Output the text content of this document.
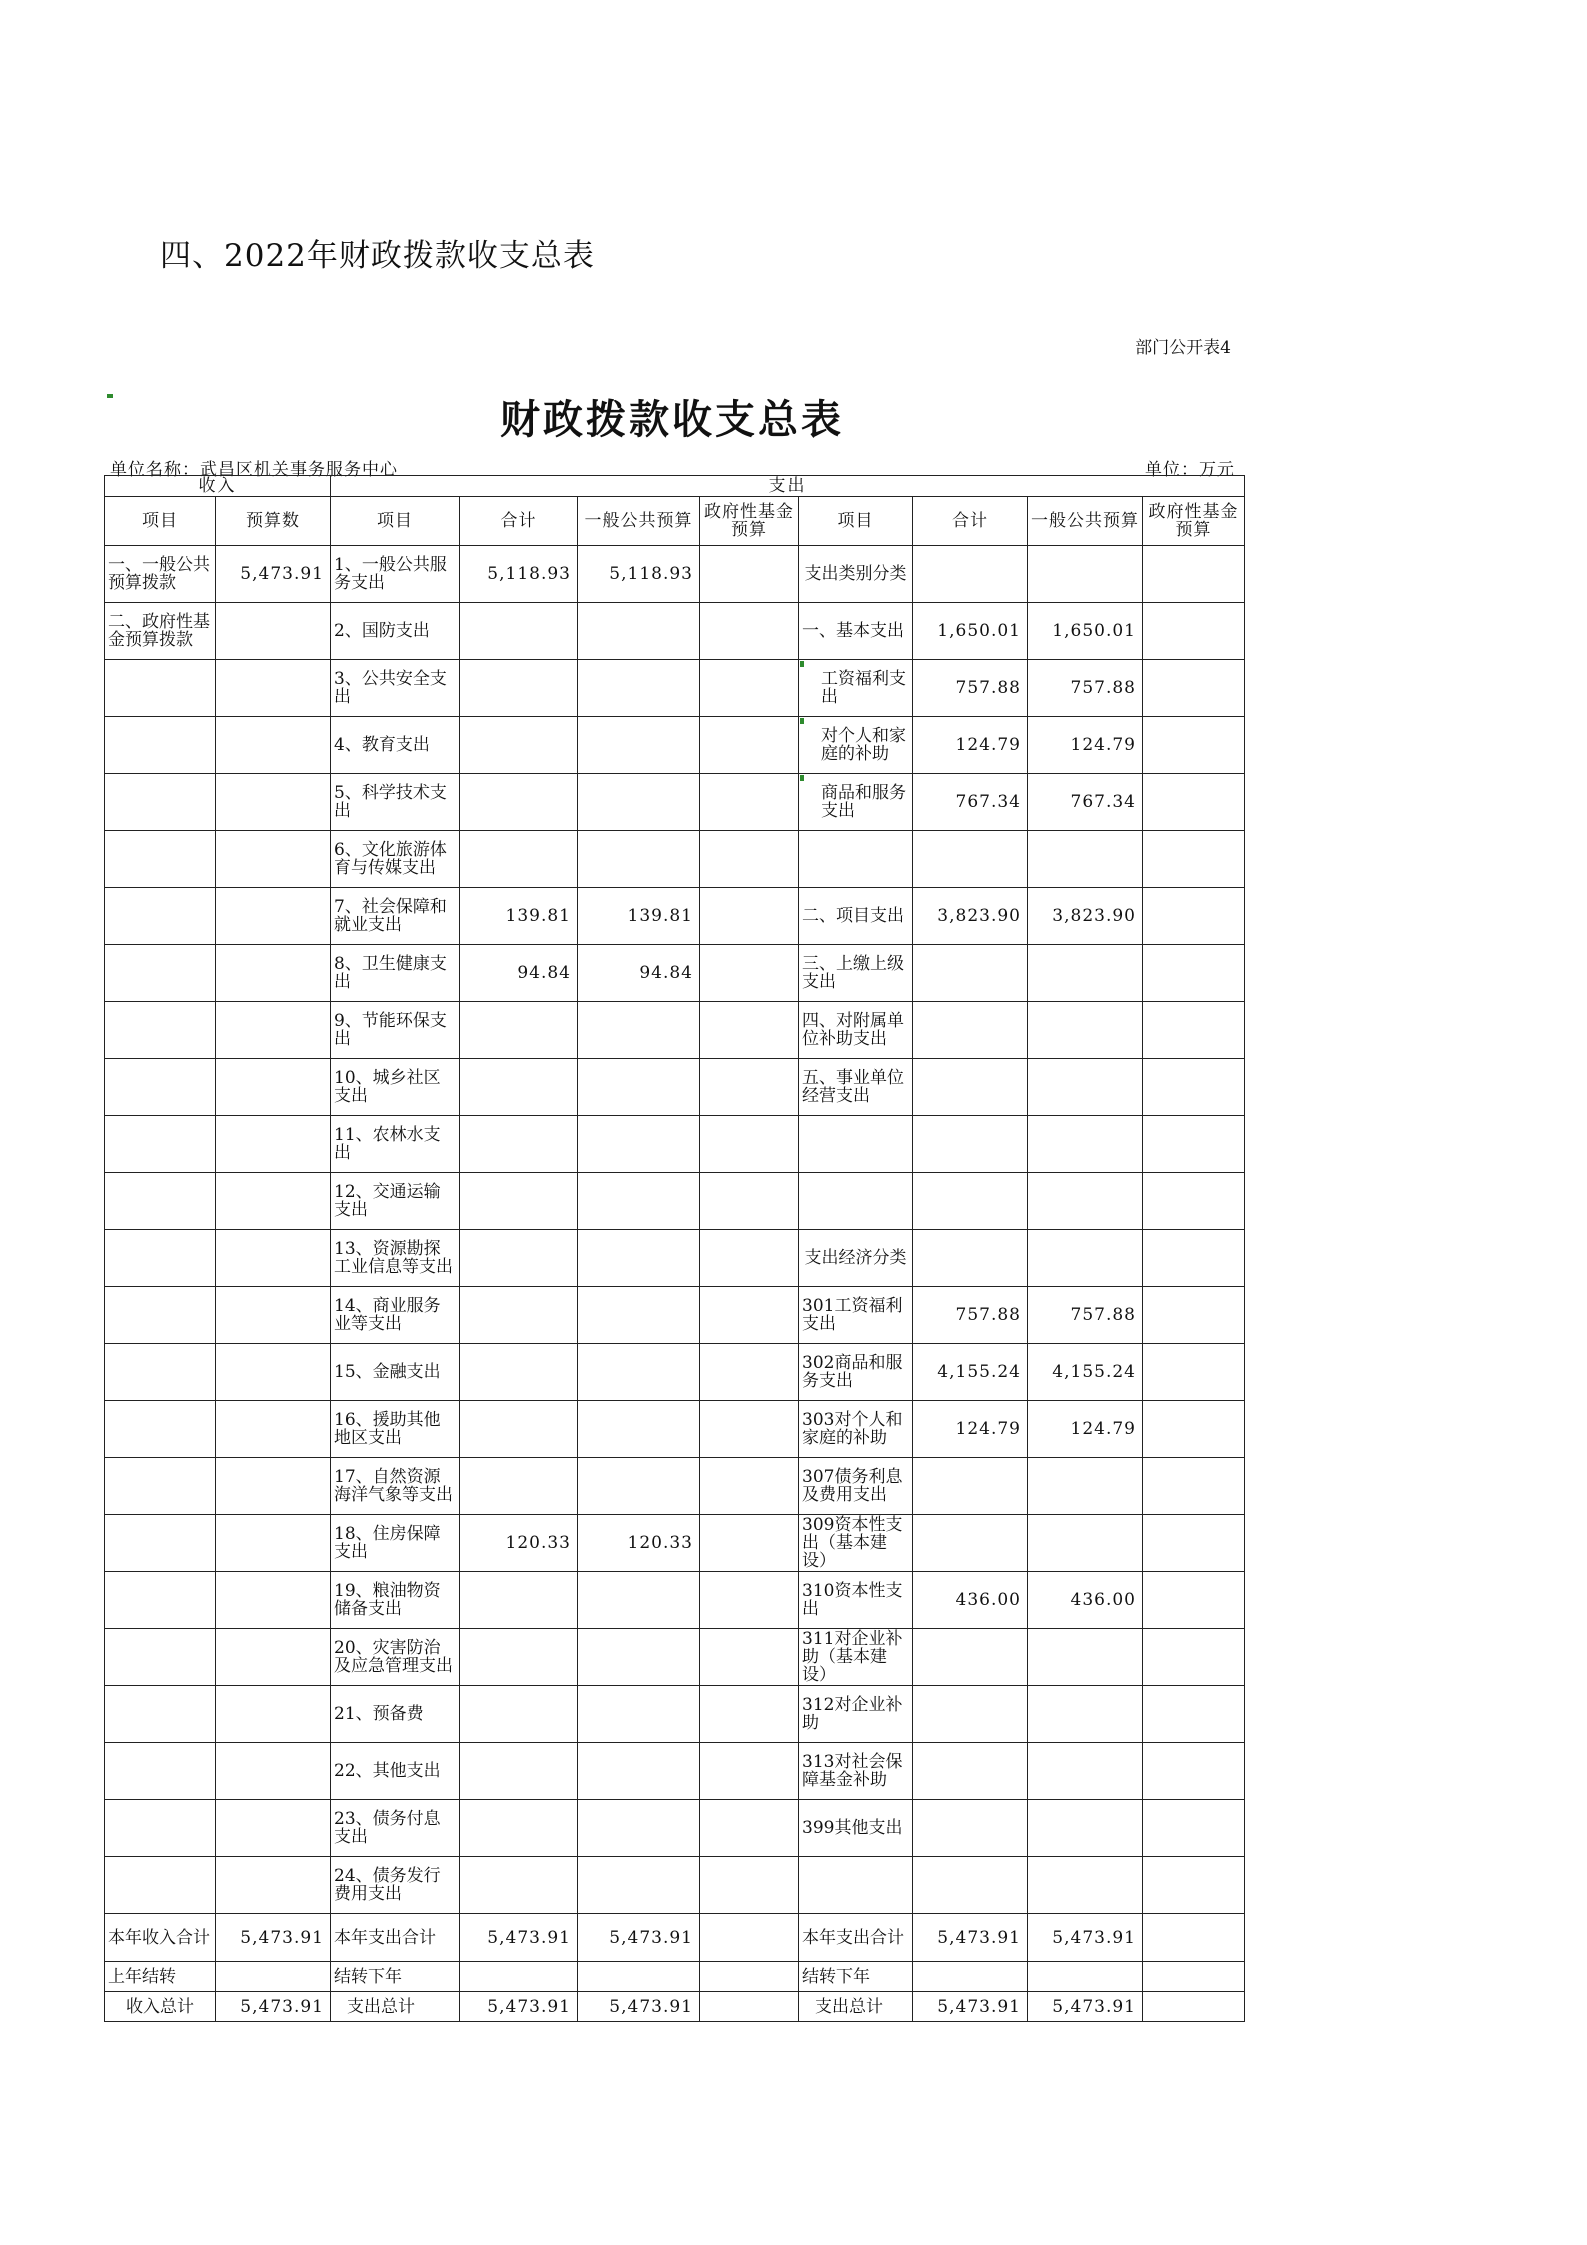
四、2022年财政拨款收支总表
部门公开表4
财政拨款收支总表
单位名称：武昌区机关事务服务中心	单位：万元
收入		支出							
项目	预算数	项目	合计	一般公共预算	政府性基金预算	项目	合计	一般公共预算	政府性基金预算
一、一般公共预算拨款	5,473.91	1、一般公共服务支出	5,118.93	5,118.93		支出类别分类			
二、政府性基金预算拨款		2、国防支出				一、基本支出	1,650.01	1,650.01	
		3、公共安全支出				工资福利支出	757.88	757.88	
		4、教育支出				对个人和家庭的补助	124.79	124.79	
		5、科学技术支出				商品和服务支出	767.34	767.34	
		6、文化旅游体育与传媒支出							
		7、社会保障和就业支出	139.81	139.81		二、项目支出	3,823.90	3,823.90	
		8、卫生健康支出	94.84	94.84		三、上缴上级支出			
		9、节能环保支出				四、对附属单位补助支出			
		10、城乡社区支出				五、事业单位经营支出			
		11、农林水支出							
		12、交通运输支出							
		13、资源勘探工业信息等支出				支出经济分类			
		14、商业服务业等支出				301工资福利支出	757.88	757.88	
		15、金融支出				302商品和服务支出	4,155.24	4,155.24	
		16、援助其他地区支出				303对个人和家庭的补助	124.79	124.79	
		17、自然资源海洋气象等支出				307债务利息及费用支出			
		18、住房保障支出	120.33	120.33		309资本性支出（基本建设）			
		19、粮油物资储备支出				310资本性支出	436.00	436.00	
		20、灾害防治及应急管理支出				311对企业补助（基本建设）			
		21、预备费				312对企业补助			
		22、其他支出				313对社会保障基金补助			
		23、债务付息支出				399其他支出			
		24、债务发行费用支出							
本年收入合计	5,473.91	本年支出合计	5,473.91	5,473.91		本年支出合计	5,473.91	5,473.91	
上年结转		结转下年				结转下年			
收入总计	5,473.91	支出总计	5,473.91	5,473.91		支出总计	5,473.91	5,473.91	
